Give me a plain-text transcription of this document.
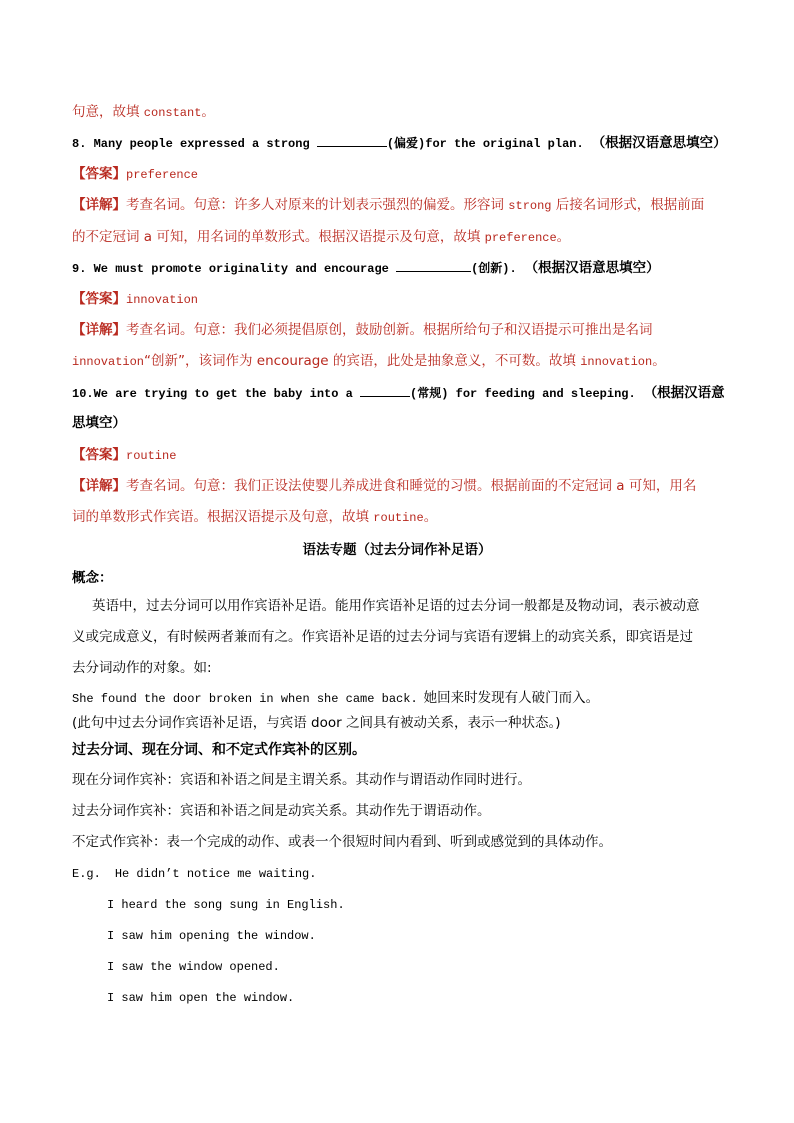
句意，故填 constant。
8. Many people expressed a strong	(偏爱)for the original plan. （根据汉语意思填空）
【答案】preference
【详解】考查名词。句意：许多人对原来的计划表示强烈的偏爱。形容词 strong 后接名词形式，根据前面
的不定冠词 a 可知，用名词的单数形式。根据汉语提示及句意，故填 preference。
9. We must promote originality and encourage	(创新). （根据汉语意思填空）
【答案】innovation
【详解】考查名词。句意：我们必须提倡原创，鼓励创新。根据所给句子和汉语提示可推出是名词
innovation“创新”，该词作为 encourage 的宾语，此处是抽象意义，不可数。故填 innovation。
10.We are trying to get the baby into a	(常规) for feeding and sleeping. （根据汉语意
思填空）
【答案】routine
【详解】考查名词。句意：我们正设法使婴儿养成进食和睡觉的习惯。根据前面的不定冠词 a 可知，用名
词的单数形式作宾语。根据汉语提示及句意，故填 routine。
语法专题（过去分词作补足语）
概念：
英语中，过去分词可以用作宾语补足语。能用作宾语补足语的过去分词一般都是及物动词，表示被动意
义或完成意义，有时候两者兼而有之。作宾语补足语的过去分词与宾语有逻辑上的动宾关系，即宾语是过
去分词动作的对象。如:
She found the door broken in when she came back. 她回来时发现有人破门而入。
(此句中过去分词作宾语补足语，与宾语 door 之间具有被动关系，表示一种状态。)
过去分词、现在分词、和不定式作宾补的区别。
现在分词作宾补：宾语和补语之间是主谓关系。其动作与谓语动作同时进行。
过去分词作宾补：宾语和补语之间是动宾关系。其动作先于谓语动作。
不定式作宾补：表一个完成的动作、或表一个很短时间内看到、听到或感觉到的具体动作。
E.g. He didn’t notice me waiting.
I heard the song sung in English.
I saw him opening the window.
I saw the window opened.
I saw him open the window.
